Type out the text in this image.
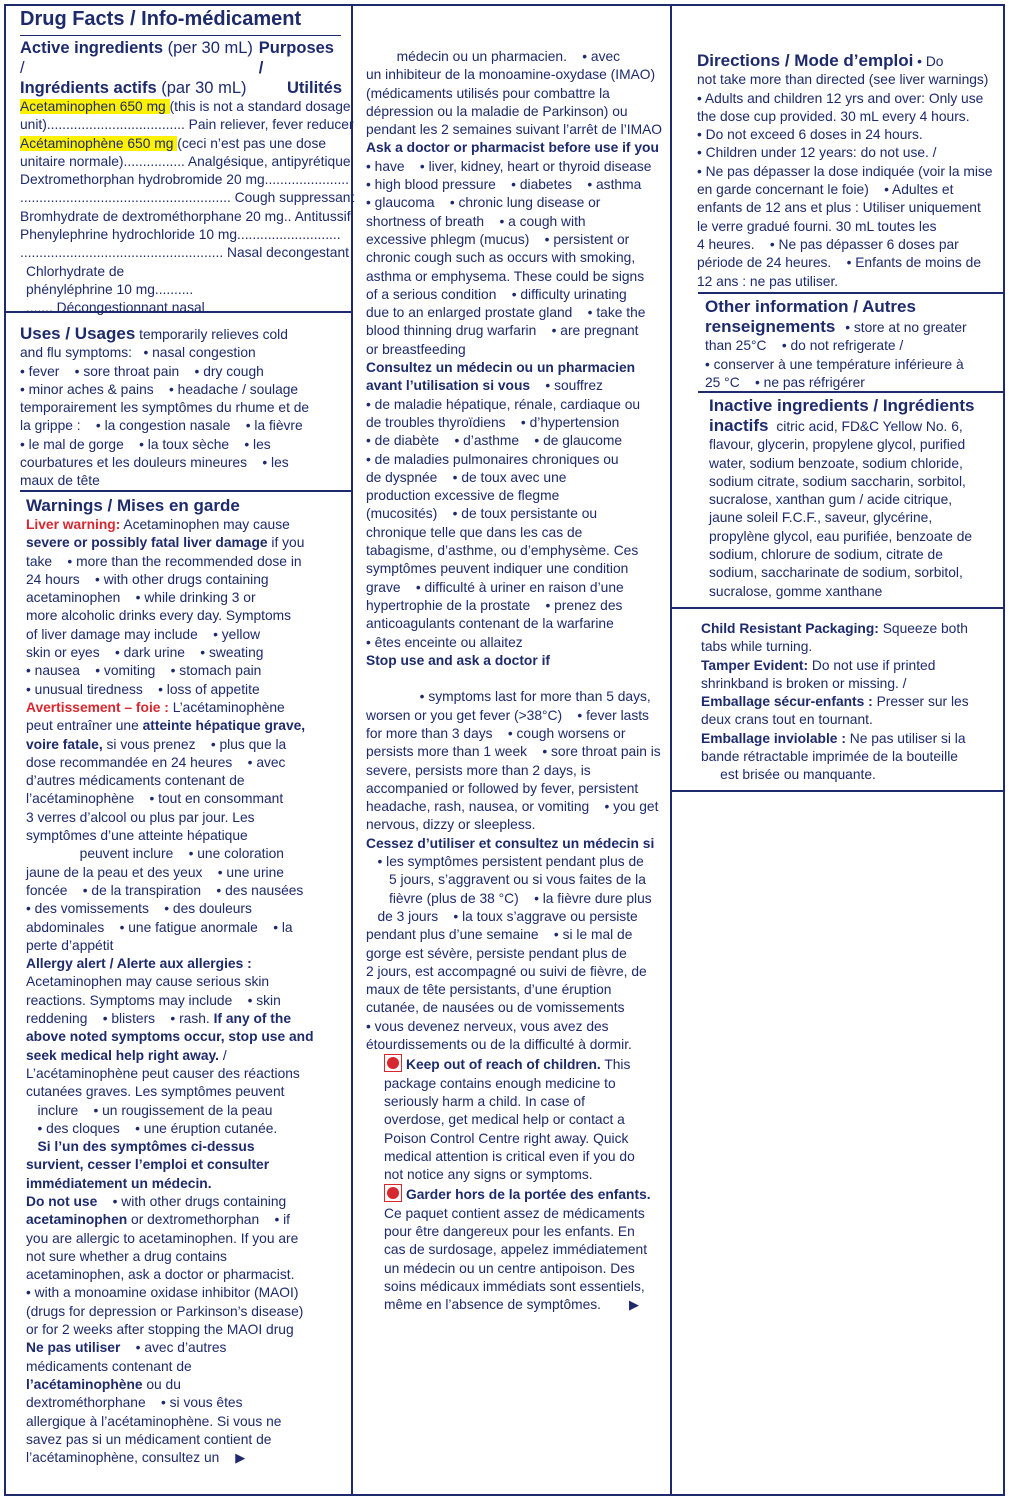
Drug Facts / Info-médicament
Active ingredients (per 30 mL) /
Purposes /
Ingrédients actifs (par 30 mL) Utilités
Acetaminophen 650 mg (this is not a standard dosage
unit).................................... Pain reliever, fever reducer
Acétaminophène 650 mg (ceci n’est pas une dose
unitaire normale)................ Analgésique, antipyrétique
Dextromethorphan hydrobromide 20 mg......................
....................................................... Cough suppressant
Bromhydrate de dextrométhorphane 20 mg.. Antitussif
Phenylephrine hydrochloride 10 mg...........................
..................................................... Nasal decongestant
Chlorhydrate de
phényléphrine 10 mg..........
....... Décongestionnant nasal
Uses / Usages temporarily relieves cold
and flu symptoms:   • nasal congestion
• fever    • sore throat pain    • dry cough
• minor aches & pains    • headache / soulage
temporairement les symptômes du rhume et de
la grippe :    • la congestion nasale    • la fièvre
• le mal de gorge    • la toux sèche    • les
courbatures et les douleurs mineures    • les
maux de tête
Warnings / Mises en garde
Liver warning: Acetaminophen may cause
severe or possibly fatal liver damage if you
take    • more than the recommended dose in
24 hours    • with other drugs containing
acetaminophen    • while drinking 3 or
more alcoholic drinks every day. Symptoms
of liver damage may include    • yellow
skin or eyes    • dark urine    • sweating
• nausea    • vomiting    • stomach pain
• unusual tiredness    • loss of appetite
Avertissement – foie : L’acétaminophène
peut entraîner une atteinte hépatique grave,
voire fatale, si vous prenez    • plus que la
dose recommandée en 24 heures    • avec
d’autres médicaments contenant de
l’acétaminophène    • tout en consommant
3 verres d’alcool ou plus par jour. Les
symptômes d’une atteinte hépatique
peuvent inclure    • une coloration
jaune de la peau et des yeux    • une urine
foncée    • de la transpiration    • des nausées
• des vomissements    • des douleurs
abdominales    • une fatigue anormale    • la
perte d’appétit
Allergy alert / Alerte aux allergies :
Acetaminophen may cause serious skin
reactions. Symptoms may include    • skin
reddening    • blisters    • rash. If any of the
above noted symptoms occur, stop use and
seek medical help right away. /
L’acétaminophène peut causer des réactions
cutanées graves. Les symptômes peuvent
inclure    • un rougissement de la peau
• des cloques    • une éruption cutanée.
Si l’un des symptômes ci-dessus
survient, cesser l’emploi et consulter
immédiatement un médecin.
Do not use    • with other drugs containing
acetaminophen or dextromethorphan    • if
you are allergic to acetaminophen. If you are
not sure whether a drug contains
acetaminophen, ask a doctor or pharmacist.
• with a monoamine oxidase inhibitor (MAOI)
(drugs for depression or Parkinson’s disease)
or for 2 weeks after stopping the MAOI drug
Ne pas utiliser    • avec d’autres
médicaments contenant de
l’acétaminophène ou du
dextrométhorphane    • si vous êtes
allergique à l’acétaminophène. Si vous ne
savez pas si un médicament contient de
l’acétaminophène, consultez un ▶
médecin ou un pharmacien.    • avec
un inhibiteur de la monoamine-oxydase (IMAO)
(médicaments utilisés pour combattre la
dépression ou la maladie de Parkinson) ou
pendant les 2 semaines suivant l’arrêt de l’IMAO
Ask a doctor or pharmacist before use if you
• have    • liver, kidney, heart or thyroid disease
• high blood pressure    • diabetes    • asthma
• glaucoma    • chronic lung disease or
shortness of breath    • a cough with
excessive phlegm (mucus)    • persistent or
chronic cough such as occurs with smoking,
asthma or emphysema. These could be signs
of a serious condition    • difficulty urinating
due to an enlarged prostate gland    • take the
blood thinning drug warfarin    • are pregnant
or breastfeeding
Consultez un médecin ou un pharmacien
avant l’utilisation si vous    • souffrez
• de maladie hépatique, rénale, cardiaque ou
de troubles thyroïdiens    • d’hypertension
• de diabète    • d’asthme    • de glaucome
• de maladies pulmonaires chroniques ou
de dyspnée    • de toux avec une
production excessive de flegme
(mucosités)    • de toux persistante ou
chronique telle que dans les cas de
tabagisme, d’asthme, ou d’emphysème. Ces
symptômes peuvent indiquer une condition
grave    • difficulté à uriner en raison d’une
hypertrophie de la prostate    • prenez des
anticoagulants contenant de la warfarine
• êtes enceinte ou allaitez
Stop use and ask a doctor if

• symptoms last for more than 5 days,
worsen or you get fever (>38°C)    • fever lasts
for more than 3 days    • cough worsens or
persists more than 1 week    • sore throat pain is
severe, persists more than 2 days, is
accompanied or followed by fever, persistent
headache, rash, nausea, or vomiting    • you get
nervous, dizzy or sleepless.
Cessez d’utiliser et consultez un médecin si
• les symptômes persistent pendant plus de
5 jours, s’aggravent ou si vous faites de la
fièvre (plus de 38 °C)    • la fièvre dure plus
de 3 jours    • la toux s’aggrave ou persiste
pendant plus d’une semaine    • si le mal de
gorge est sévère, persiste pendant plus de
2 jours, est accompagné ou suivi de fièvre, de
maux de tête persistants, d’une éruption
cutanée, de nausées ou de vomissements
• vous devenez nerveux, vous avez des
étourdissements ou de la difficulté à dormir.
Keep out of reach of children. This
package contains enough medicine to
seriously harm a child. In case of
overdose, get medical help or contact a
Poison Control Centre right away. Quick
medical attention is critical even if you do
not notice any signs or symptoms.
Garder hors de la portée des enfants.
Ce paquet contient assez de médicaments
pour être dangereux pour les enfants. En
cas de surdosage, appelez immédiatement
un médecin ou un centre antipoison. Des
soins médicaux immédiats sont essentiels,
même en l’absence de symptômes. ▶
Directions / Mode d’emploi • Do
not take more than directed (see liver warnings)
• Adults and children 12 yrs and over: Only use
the dose cup provided. 30 mL every 4 hours.
• Do not exceed 6 doses in 24 hours.
• Children under 12 years: do not use. /
• Ne pas dépasser la dose indiquée (voir la mise
en garde concernant le foie)    • Adultes et
enfants de 12 ans et plus : Utiliser uniquement
le verre gradué fourni. 30 mL toutes les
4 heures.    • Ne pas dépasser 6 doses par
période de 24 heures.    • Enfants de moins de
12 ans : ne pas utiliser.
Other information / Autres
renseignements • store at no greater
than 25°C    • do not refrigerate /
• conserver à une température inférieure à
25 °C    • ne pas réfrigérer
Inactive ingredients / Ingrédients
inactifs citric acid, FD&C Yellow No. 6,
flavour, glycerin, propylene glycol, purified
water, sodium benzoate, sodium chloride,
sodium citrate, sodium saccharin, sorbitol,
sucralose, xanthan gum / acide citrique,
jaune soleil F.C.F., saveur, glycérine,
propylène glycol, eau purifiée, benzoate de
sodium, chlorure de sodium, citrate de
sodium, saccharinate de sodium, sorbitol,
sucralose, gomme xanthane
Child Resistant Packaging: Squeeze both
tabs while turning.
Tamper Evident: Do not use if printed
shrinkband is broken or missing. /
Emballage sécur-enfants : Presser sur les
deux crans tout en tournant.
Emballage inviolable : Ne pas utiliser si la
bande rétractable imprimée de la bouteille
est brisée ou manquante.
